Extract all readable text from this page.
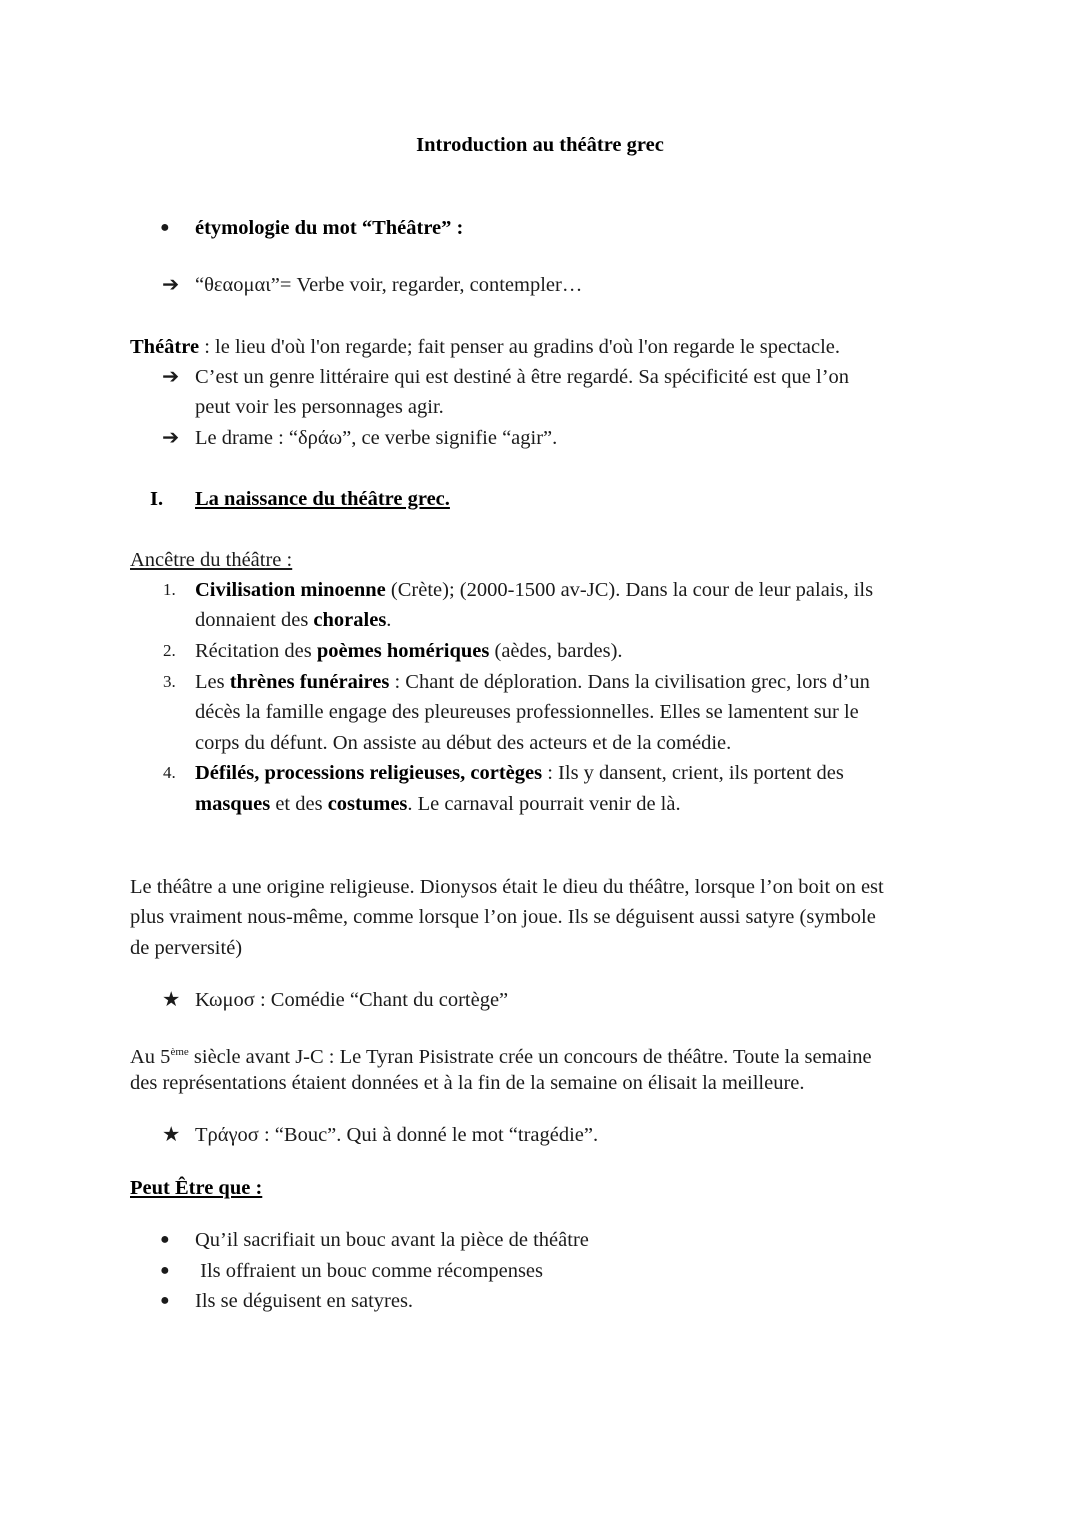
Introduction au théâtre grec
● étymologie du mot “Théâtre” :
➔ “θεαομαι”= Verbe voir, regarder, contempler…
Théâtre : le lieu d'où l'on regarde; fait penser au gradins d'où l'on regarde le spectacle.
➔ C’est un genre littéraire qui est destiné à être regardé. Sa spécificité est que l’on
peut voir les personnages agir.
➔ Le drame : “δράω”, ce verbe signifie “agir”.
I. La naissance du théâtre grec.
Ancêtre du théâtre :
1. Civilisation minoenne (Crète); (2000-1500 av-JC). Dans la cour de leur palais, ils
donnaient des chorales.
2. Récitation des poèmes homériques (aèdes, bardes).
3. Les thrènes funéraires : Chant de déploration. Dans la civilisation grec, lors d’un
décès la famille engage des pleureuses professionnelles. Elles se lamentent sur le
corps du défunt. On assiste au début des acteurs et de la comédie.
4. Défilés, processions religieuses, cortèges : Ils y dansent, crient, ils portent des
masques et des costumes. Le carnaval pourrait venir de là.
Le théâtre a une origine religieuse. Dionysos était le dieu du théâtre, lorsque l’on boit on est
plus vraiment nous-même, comme lorsque l’on joue. Ils se déguisent aussi satyre (symbole
de perversité)
★ Κωμοσ : Comédie “Chant du cortège”
Au 5ème siècle avant J-C : Le Tyran Pisistrate crée un concours de théâtre. Toute la semaine
des représentations étaient données et à la fin de la semaine on élisait la meilleure.
★ Τράγοσ : “Bouc”. Qui à donné le mot “tragédie”.
Peut Être que :
● Qu’il sacrifiait un bouc avant la pièce de théâtre
● Ils offraient un bouc comme récompenses
● Ils se déguisent en satyres.
